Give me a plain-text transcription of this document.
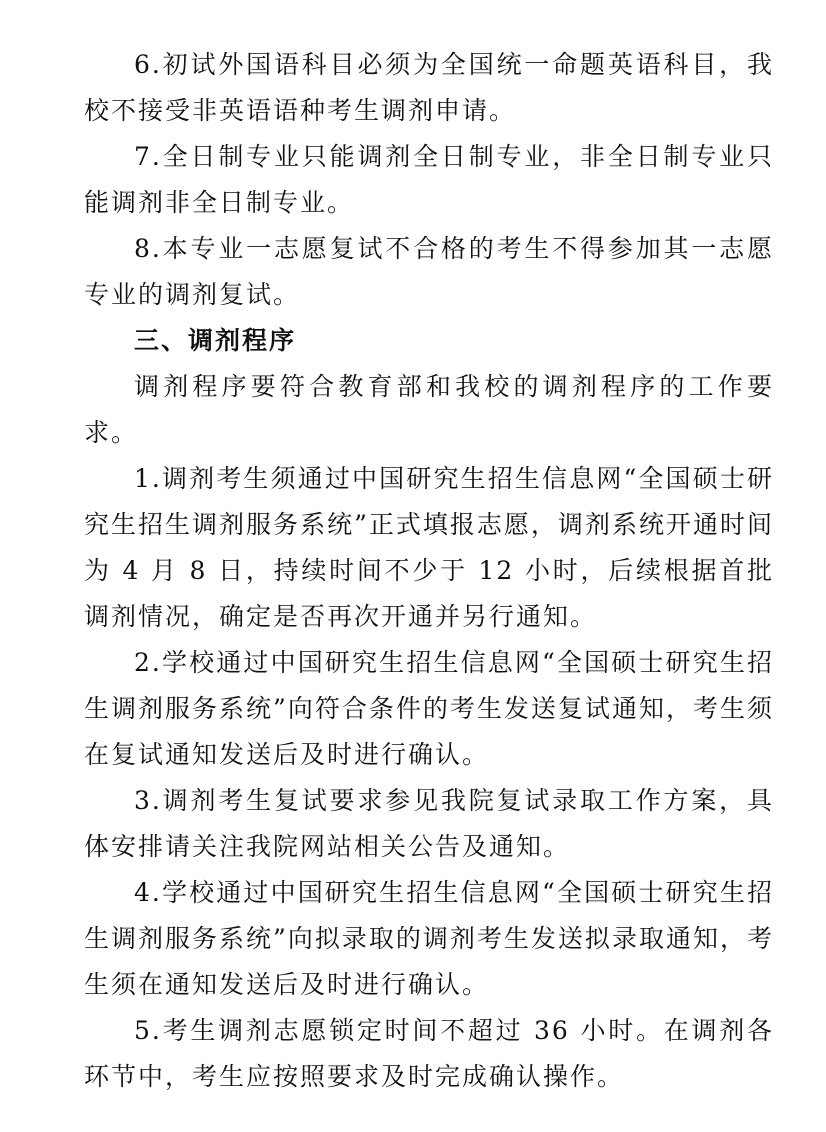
6.初试外国语科目必须为全国统一命题英语科目，我校不接受非英语语种考生调剂申请。

7.全日制专业只能调剂全日制专业，非全日制专业只能调剂非全日制专业。

8.本专业一志愿复试不合格的考生不得参加其一志愿专业的调剂复试。

三、调剂程序

调剂程序要符合教育部和我校的调剂程序的工作要求。

1.调剂考生须通过中国研究生招生信息网“全国硕士研究生招生调剂服务系统”正式填报志愿，调剂系统开通时间为 4 月 8 日，持续时间不少于 12 小时，后续根据首批调剂情况，确定是否再次开通并另行通知。

2.学校通过中国研究生招生信息网“全国硕士研究生招生调剂服务系统”向符合条件的考生发送复试通知，考生须在复试通知发送后及时进行确认。

3.调剂考生复试要求参见我院复试录取工作方案，具体安排请关注我院网站相关公告及通知。

4.学校通过中国研究生招生信息网“全国硕士研究生招生调剂服务系统”向拟录取的调剂考生发送拟录取通知，考生须在通知发送后及时进行确认。

5.考生调剂志愿锁定时间不超过 36 小时。在调剂各环节中，考生应按照要求及时完成确认操作。
